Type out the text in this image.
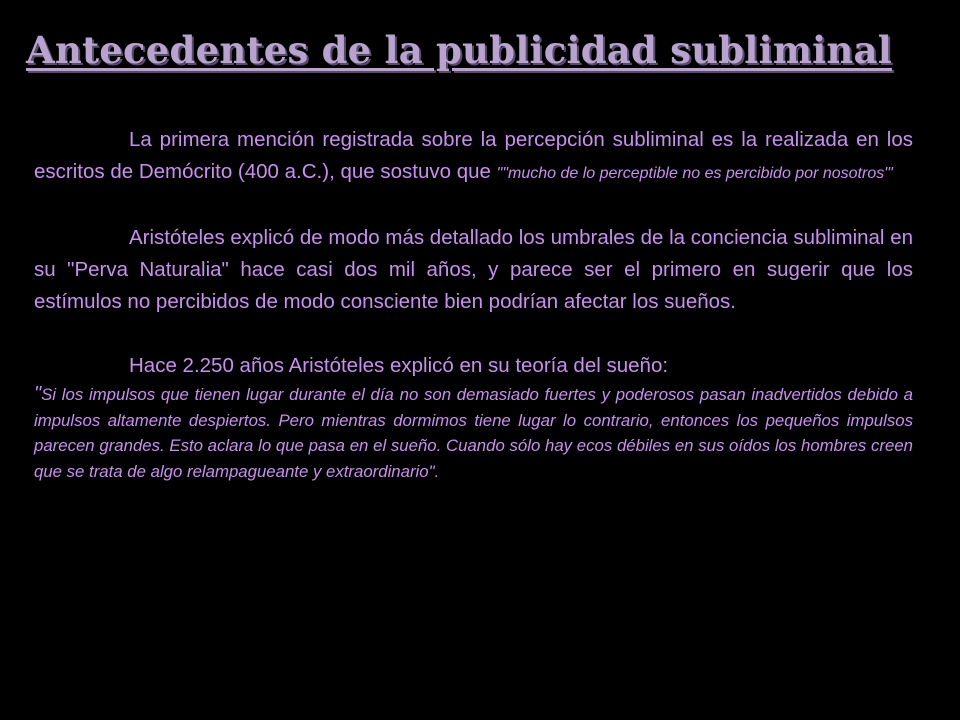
Antecedentes de la publicidad subliminal

La primera mención registrada sobre la percepción subliminal es la realizada en los escritos de Demócrito (400 a.C.), que sostuvo que ""mucho de lo perceptible no es percibido por nosotros"'

Aristóteles explicó de modo más detallado los umbrales de la conciencia subliminal en su "Perva Naturalia" hace casi dos mil años, y parece ser el primero en sugerir que los estímulos no percibidos de modo consciente bien podrían afectar los sueños.

Hace 2.250 años Aristóteles explicó en su teoría del sueño:

"Si los impulsos que tienen lugar durante el día no son demasiado fuertes y poderosos pasan inadvertidos debido a impulsos altamente despiertos. Pero mientras dormimos tiene lugar lo contrario, entonces los pequeños impulsos parecen grandes. Esto aclara lo que pasa en el sueño. Cuando sólo hay ecos débiles en sus oídos los hombres creen que se trata de algo relampagueante y extraordinario".
